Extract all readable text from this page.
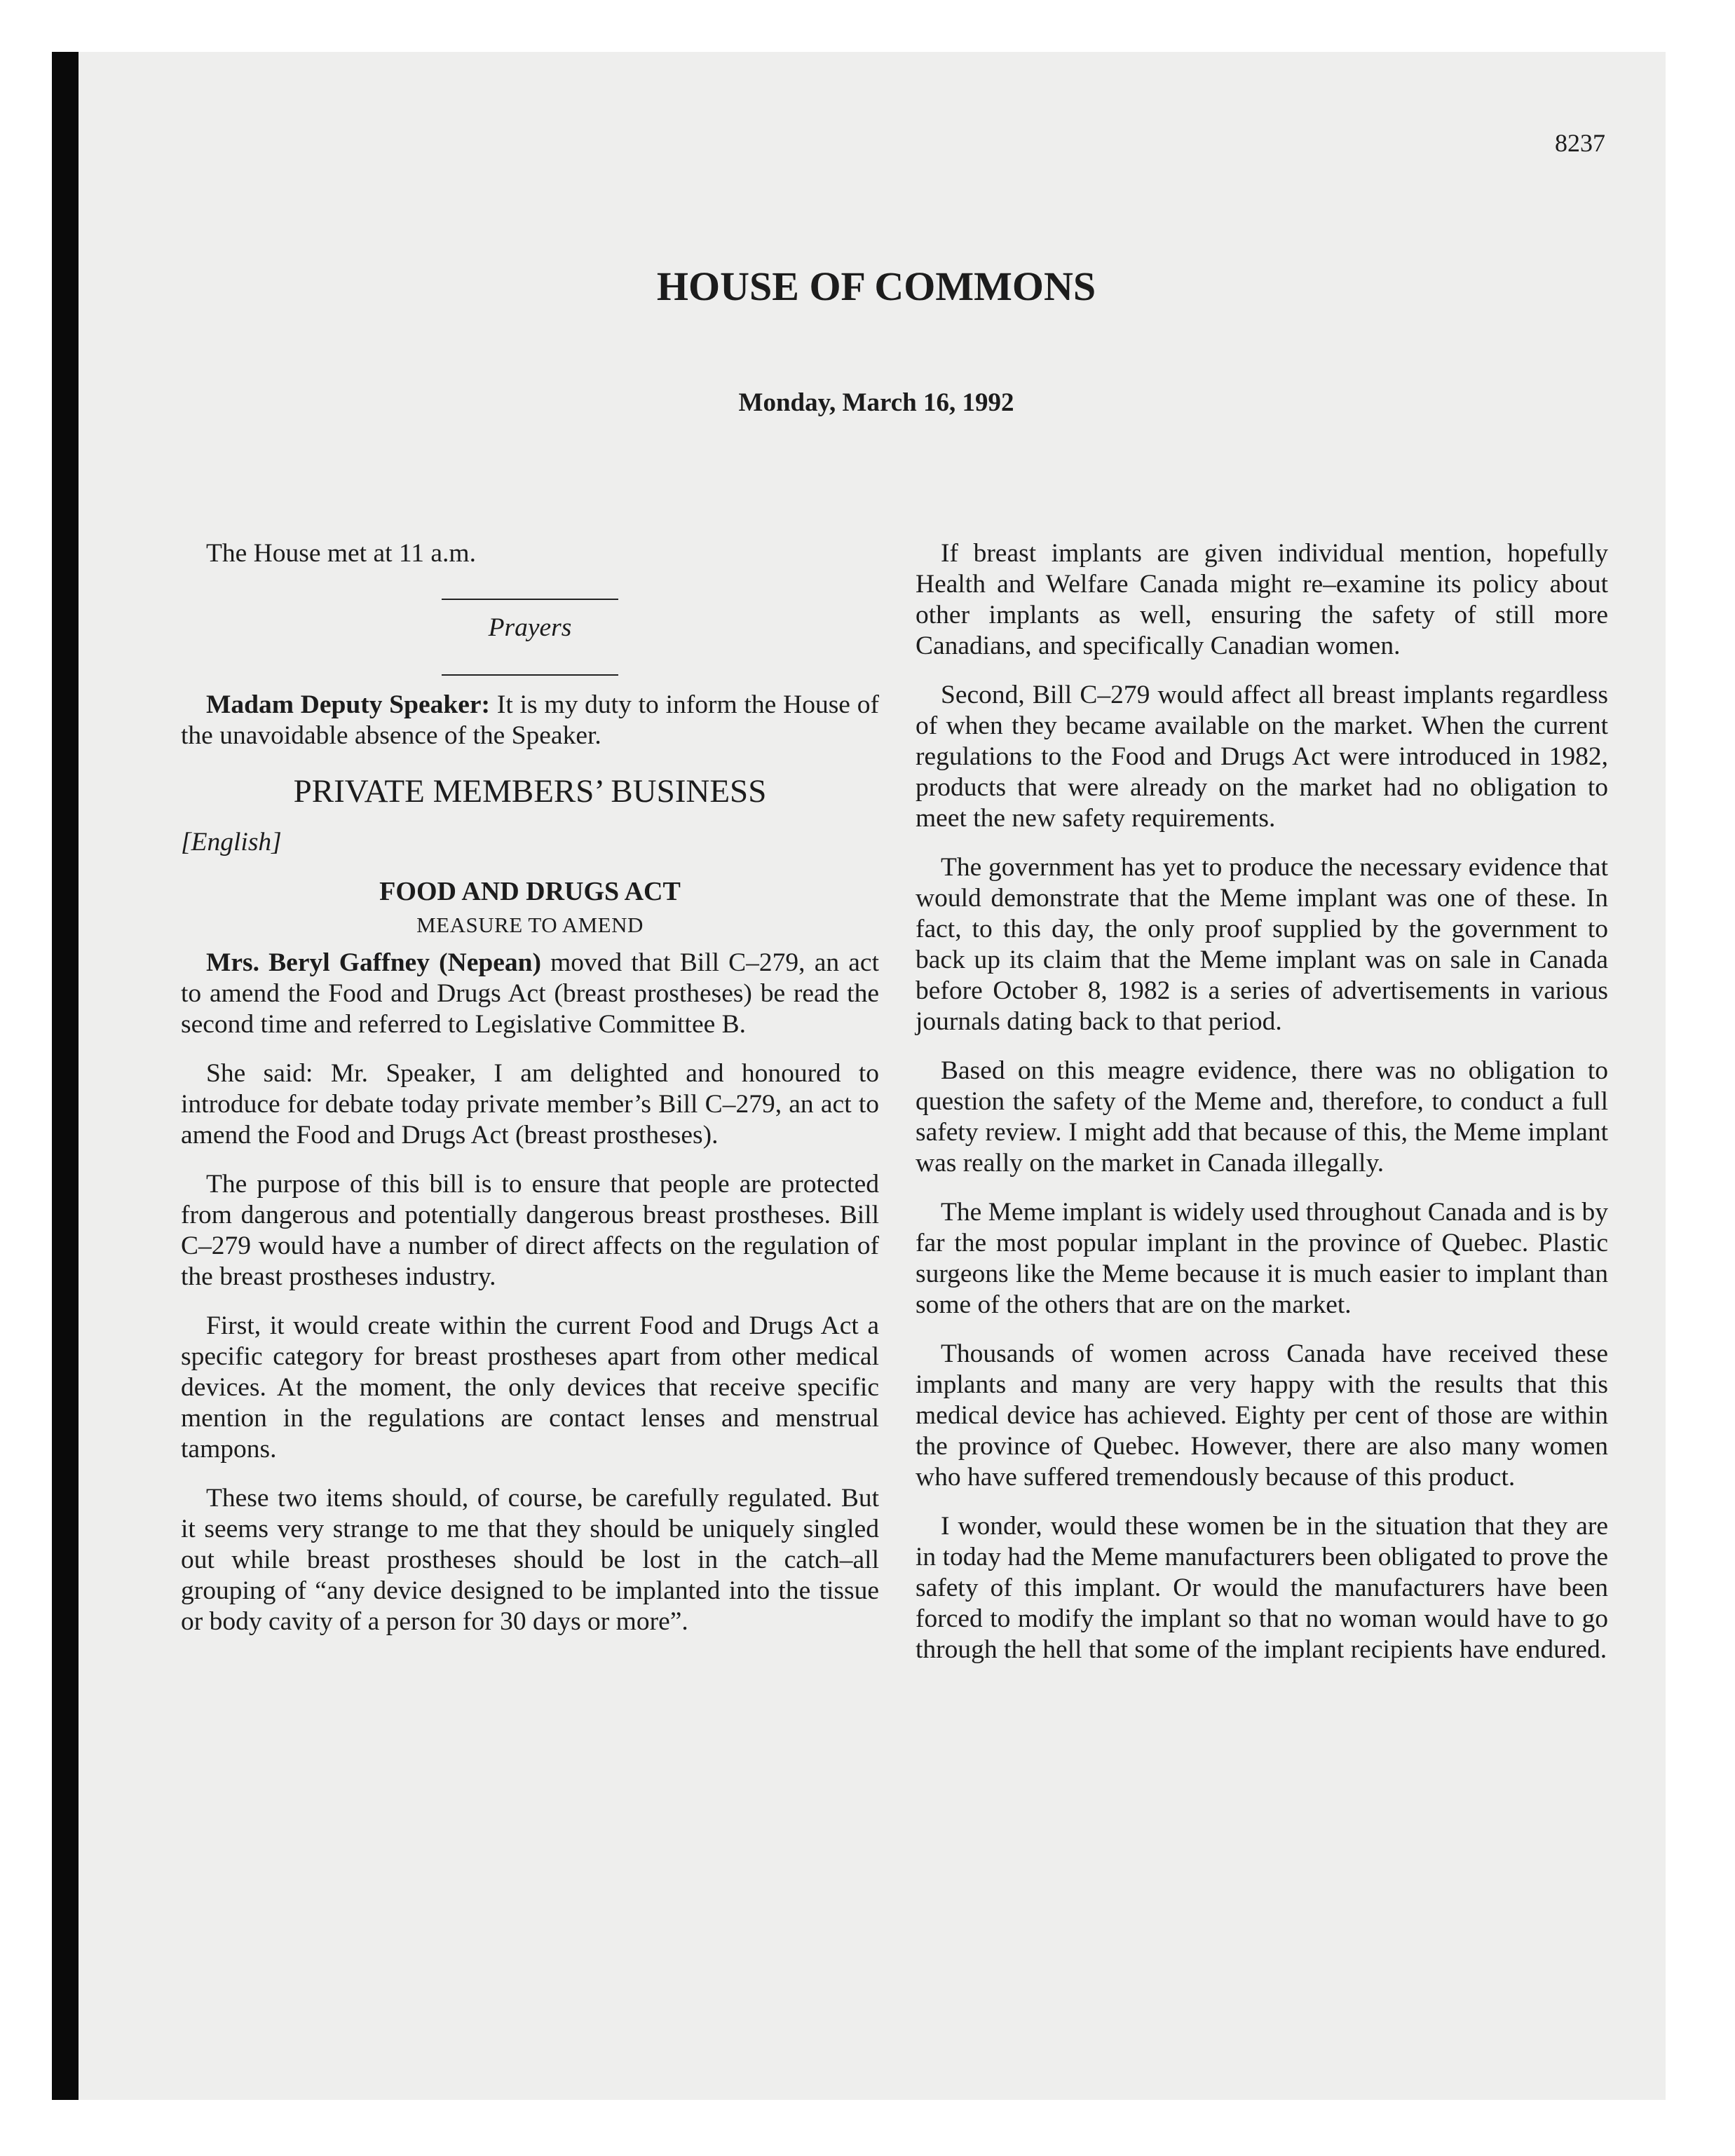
8237
HOUSE OF COMMONS
Monday, March 16, 1992

The House met at 11 a.m.

Prayers

Madam Deputy Speaker: It is my duty to inform the House of the unavoidable absence of the Speaker.

PRIVATE MEMBERS’ BUSINESS

[English]

FOOD AND DRUGS ACT
MEASURE TO AMEND

Mrs. Beryl Gaffney (Nepean) moved that Bill C–279, an act to amend the Food and Drugs Act (breast prostheses) be read the second time and referred to Legislative Committee B.

She said: Mr. Speaker, I am delighted and honoured to introduce for debate today private member’s Bill C–279, an act to amend the Food and Drugs Act (breast prostheses).

The purpose of this bill is to ensure that people are protected from dangerous and potentially dangerous breast prostheses. Bill C–279 would have a number of direct affects on the regulation of the breast prostheses industry.

First, it would create within the current Food and Drugs Act a specific category for breast prostheses apart from other medical devices. At the moment, the only devices that receive specific mention in the regulations are contact lenses and menstrual tampons.

These two items should, of course, be carefully regulated. But it seems very strange to me that they should be uniquely singled out while breast prostheses should be lost in the catch–all grouping of “any device designed to be implanted into the tissue or body cavity of a person for 30 days or more”.

If breast implants are given individual mention, hopefully Health and Welfare Canada might re–examine its policy about other implants as well, ensuring the safety of still more Canadians, and specifically Canadian women.

Second, Bill C–279 would affect all breast implants regardless of when they became available on the market. When the current regulations to the Food and Drugs Act were introduced in 1982, products that were already on the market had no obligation to meet the new safety requirements.

The government has yet to produce the necessary evidence that would demonstrate that the Meme implant was one of these. In fact, to this day, the only proof supplied by the government to back up its claim that the Meme implant was on sale in Canada before October 8, 1982 is a series of advertisements in various journals dating back to that period.

Based on this meagre evidence, there was no obligation to question the safety of the Meme and, therefore, to conduct a full safety review. I might add that because of this, the Meme implant was really on the market in Canada illegally.

The Meme implant is widely used throughout Canada and is by far the most popular implant in the province of Quebec. Plastic surgeons like the Meme because it is much easier to implant than some of the others that are on the market.

Thousands of women across Canada have received these implants and many are very happy with the results that this medical device has achieved. Eighty per cent of those are within the province of Quebec. However, there are also many women who have suffered tremendously because of this product.

I wonder, would these women be in the situation that they are in today had the Meme manufacturers been obligated to prove the safety of this implant. Or would the manufacturers have been forced to modify the implant so that no woman would have to go through the hell that some of the implant recipients have endured.
